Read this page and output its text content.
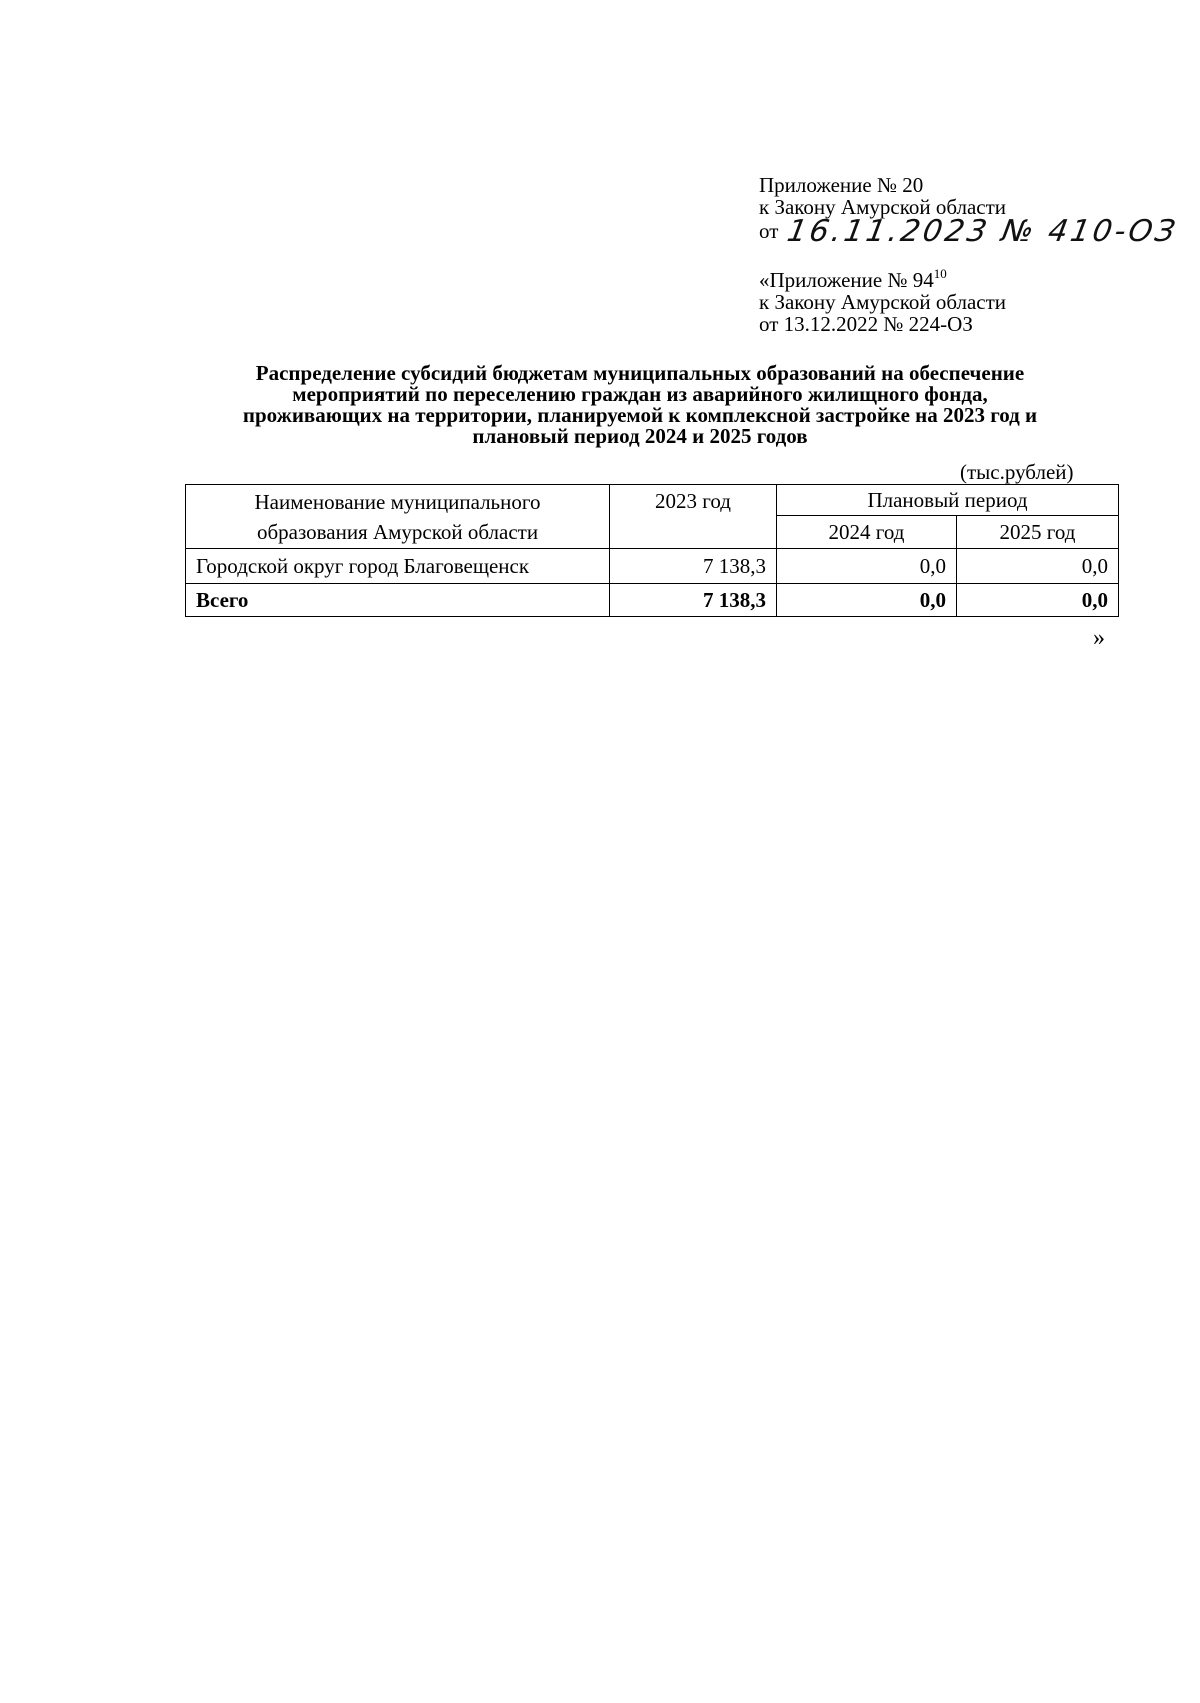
Приложение № 20
к Закону Амурской области
от 16.11.2023 № 410-ОЗ
«Приложение № $94^{10}$
к Закону Амурской области
от 13.12.2022 № 224-ОЗ
Распределение субсидий бюджетам муниципальных образований на обеспечение
мероприятий по переселению граждан из аварийного жилищного фонда,
проживающих на территории, планируемой к комплексной застройке на 2023 год и
плановый период 2024 и 2025 годов
(тыс.рублей)
Наименование муниципального
образования Амурской области	2023 год	Плановый период	
		2024 год	2025 год
Городской округ город Благовещенск	7 138,3	0,0	0,0
Всего	7 138,3	0,0	0,0
»
